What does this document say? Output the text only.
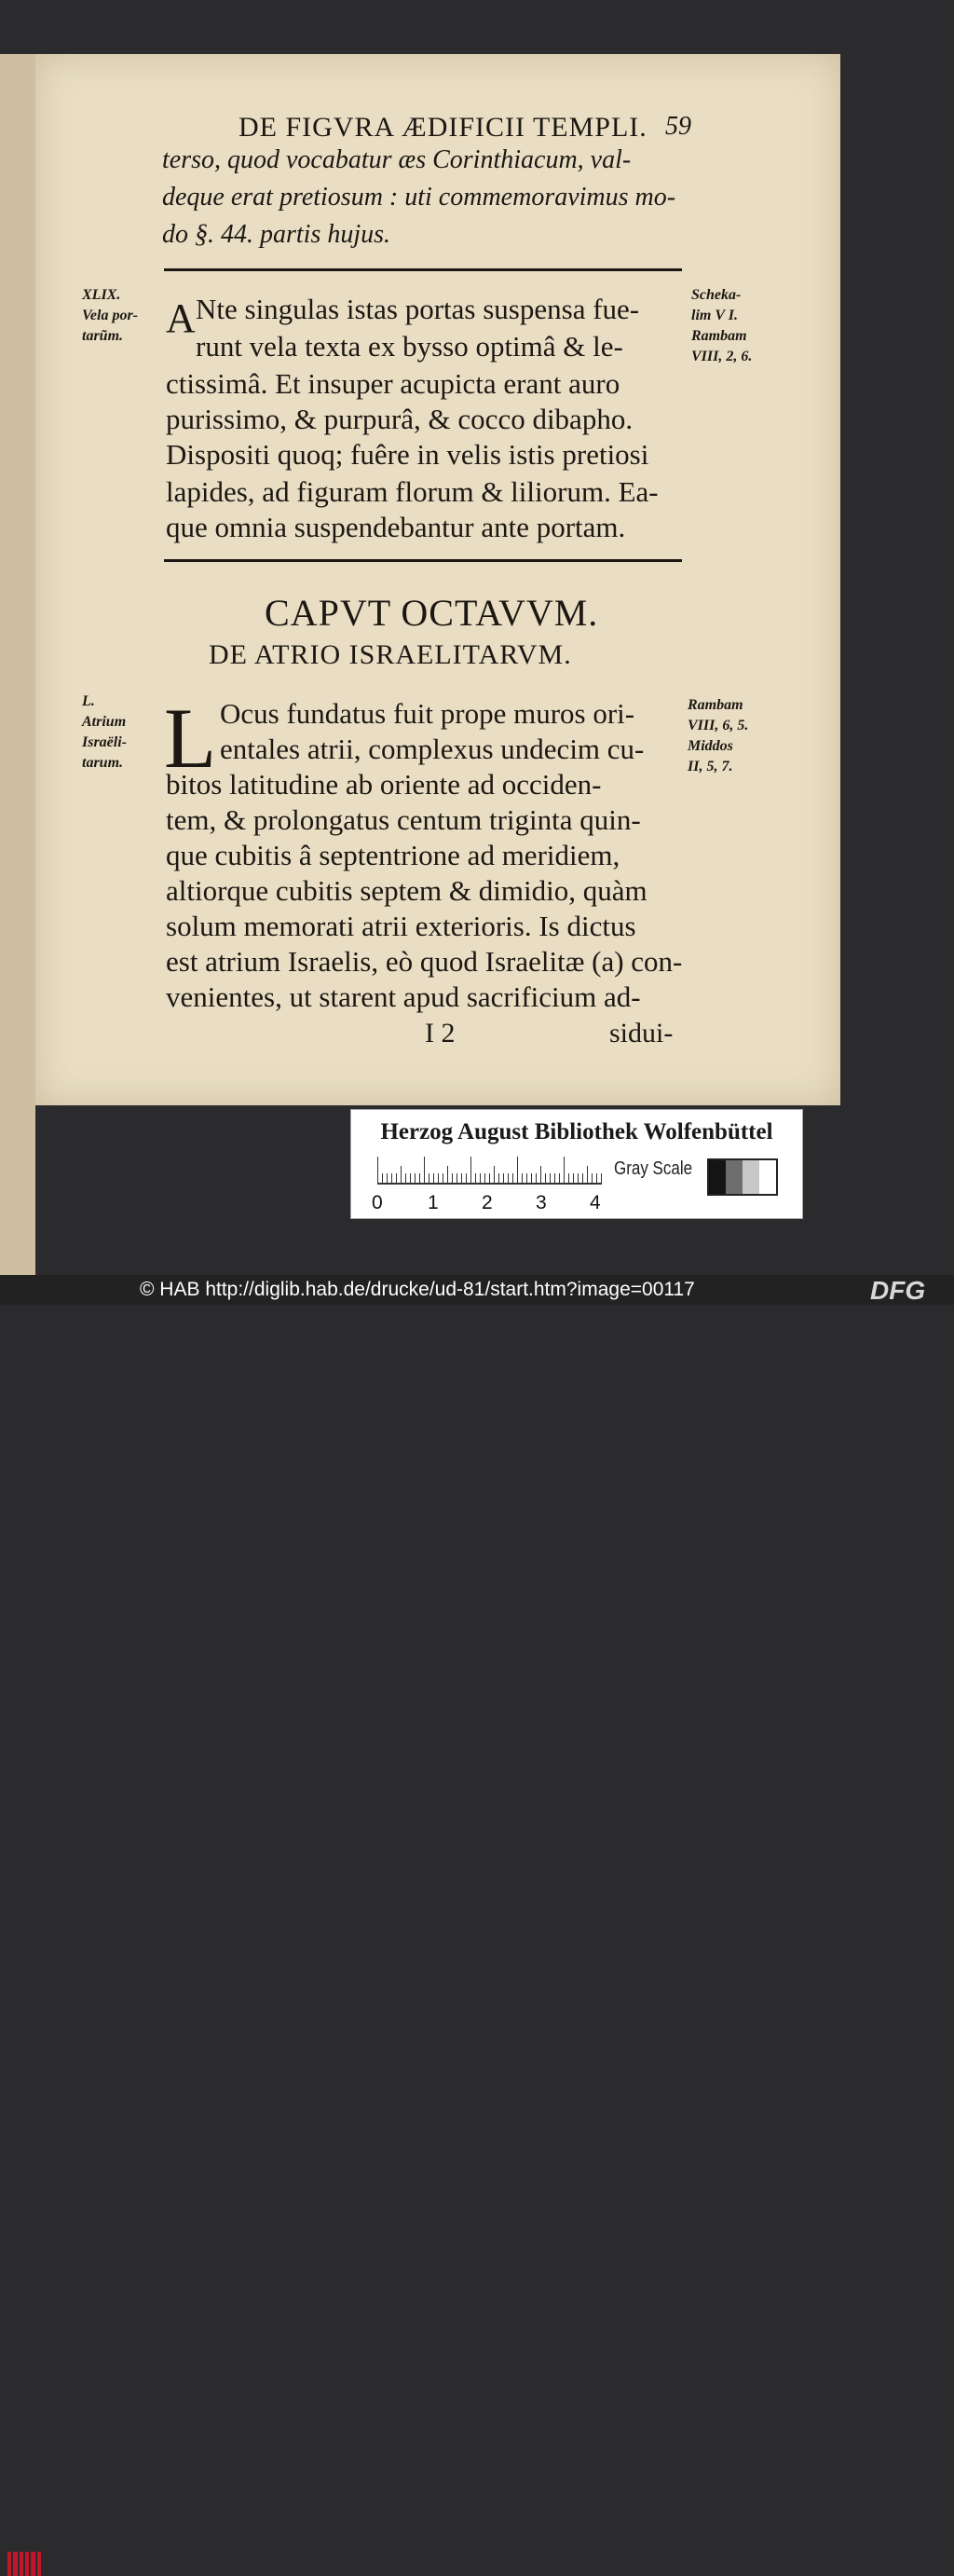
DE FIGVRA ÆDIFICII TEMPLI. 59
terso, quod vocabatur æs Corinthiacum, val-
deque erat pretiosum : uti commemoravimus mo-
do §. 44. partis hujus.
XLIX.
Vela por-
tarũm.
Scheka-
lim V I.
Rambam
VIII, 2, 6.
A Nte singulas istas portas suspensa fue-
runt vela texta ex bysso optimâ & le-
ctissimâ. Et insuper acupicta erant auro
purissimo, & purpurâ, & cocco dibapho.
Dispositi quoq; fuêre in velis istis pretiosi
lapides, ad figuram florum & liliorum. Ea-
que omnia suspendebantur ante portam.
CAPVT OCTAVVM.
DE ATRIO ISRAELITARVM.
L.
Atrium
Israëli-
tarum.
Rambam
VIII, 6, 5.
Middos
II, 5, 7.
L Ocus fundatus fuit prope muros ori-
entales atrii, complexus undecim cu-
bitos latitudine ab oriente ad occiden-
tem, & prolongatus centum triginta quin-
que cubitis â septentrione ad meridiem,
altiorque cubitis septem & dimidio, quàm
solum memorati atrii exterioris. Is dictus
est atrium Israelis, eò quod Israelitæ (a) con-
venientes, ut starent apud sacrificium ad-
I 2	sidui-
Herzog August Bibliothek Wolfenbüttel
0 1 2 3 4
Gray Scale
© HAB http://diglib.hab.de/drucke/ud-81/start.htm?image=00117	DFG
